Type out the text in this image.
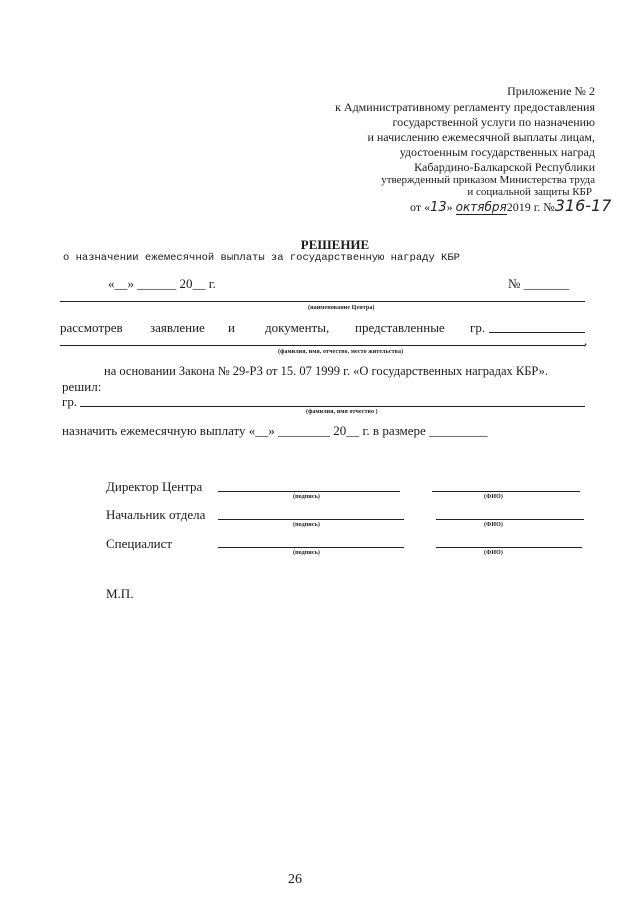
Приложение № 2
к Административному регламенту предоставления
государственной услуги по назначению
и начислению ежемесячной выплаты лицам,
удостоенным государственных наград
Кабардино-Балкарской Республики
утвержденный приказом Министерства труда
и социальной защиты КБР
от «13» октября2019 г. №316-17
РЕШЕНИЕ
о назначении ежемесячной выплаты за государственную награду КБР
«__» ______ 20__ г.	№ _______
(наименование Центра)
рассмотрев заявление и документы, представленные гр.
,
(фамилия, имя, отчество, место жительства)
на основании Закона № 29-РЗ от 15. 07 1999 г. «О государственных наградах КБР».
решил:
гр.
(фамилия, имя отчество )
назначить ежемесячную выплату «__» ________ 20__ г. в размере _________
Директор Центра
(подпись)	(ФИО)
Начальник отдела
(подпись)	(ФИО)
Специалист
(подпись)	(ФИО)
М.П.
26
